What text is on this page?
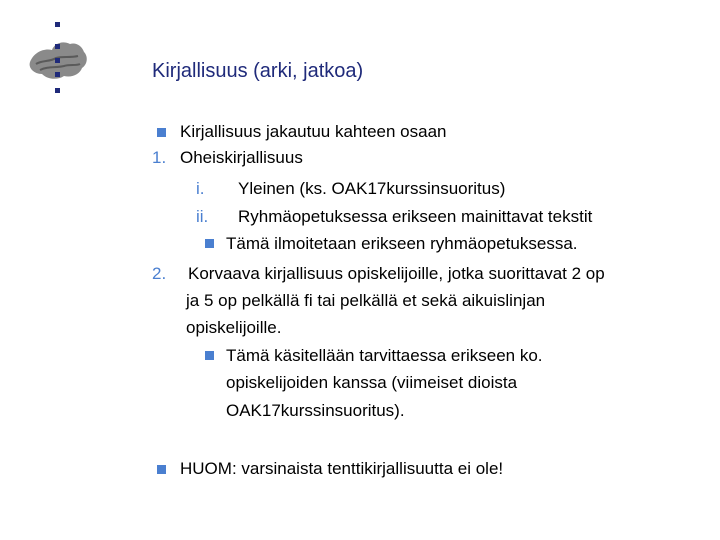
Kirjallisuus (arki, jatkoa)
Kirjallisuus jakautuu kahteen osaan
1. Oheiskirjallisuus
i. Yleinen (ks. OAK17kurssinsuoritus)
ii. Ryhmäopetuksessa erikseen mainittavat tekstit
Tämä ilmoitetaan erikseen ryhmäopetuksessa.
2. Korvaava kirjallisuus opiskelijoille, jotka suorittavat 2 op
ja 5 op pelkällä fi tai pelkällä et sekä aikuislinjan
opiskelijoille.
Tämä käsitellään tarvittaessa erikseen ko.
opiskelijoiden kanssa (viimeiset dioista
OAK17kurssinsuoritus).
HUOM: varsinaista tenttikirjallisuutta ei ole!
